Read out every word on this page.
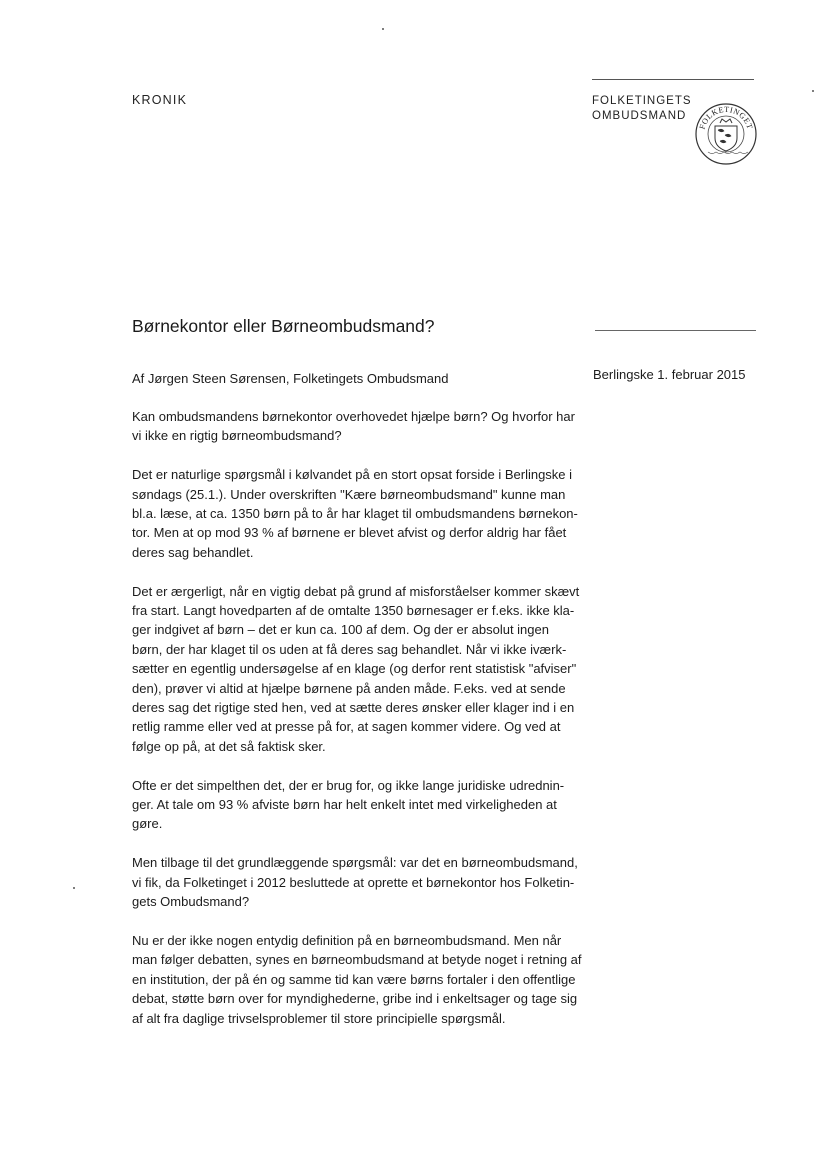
KRONIK	FOLKETINGETS
OMBUDSMAND
FOLKETINGET
Børnekontor eller Børneombudsmand?
Af Jørgen Steen Sørensen, Folketingets Ombudsmand	Berlingske 1. februar 2015

Kan ombudsmandens børnekontor overhovedet hjælpe børn? Og hvorfor har
vi ikke en rigtig børneombudsmand?

Det er naturlige spørgsmål i kølvandet på en stort opsat forside i Berlingske i
søndags (25.1.). Under overskriften "Kære børneombudsmand" kunne man
bl.a. læse, at ca. 1350 børn på to år har klaget til ombudsmandens børnekon-
tor. Men at op mod 93 % af børnene er blevet afvist og derfor aldrig har fået
deres sag behandlet.

Det er ærgerligt, når en vigtig debat på grund af misforståelser kommer skævt
fra start. Langt hovedparten af de omtalte 1350 børnesager er f.eks. ikke kla-
ger indgivet af børn – det er kun ca. 100 af dem. Og der er absolut ingen
børn, der har klaget til os uden at få deres sag behandlet. Når vi ikke iværk-
sætter en egentlig undersøgelse af en klage (og derfor rent statistisk "afviser"
den), prøver vi altid at hjælpe børnene på anden måde. F.eks. ved at sende
deres sag det rigtige sted hen, ved at sætte deres ønsker eller klager ind i en
retlig ramme eller ved at presse på for, at sagen kommer videre. Og ved at
følge op på, at det så faktisk sker.

Ofte er det simpelthen det, der er brug for, og ikke lange juridiske udrednin-
ger. At tale om 93 % afviste børn har helt enkelt intet med virkeligheden at
gøre.

Men tilbage til det grundlæggende spørgsmål: var det en børneombudsmand,
vi fik, da Folketinget i 2012 besluttede at oprette et børnekontor hos Folketin-
gets Ombudsmand?

Nu er der ikke nogen entydig definition på en børneombudsmand. Men når
man følger debatten, synes en børneombudsmand at betyde noget i retning af
en institution, der på én og samme tid kan være børns fortaler i den offentlige
debat, støtte børn over for myndighederne, gribe ind i enkeltsager og tage sig
af alt fra daglige trivselsproblemer til store principielle spørgsmål.
